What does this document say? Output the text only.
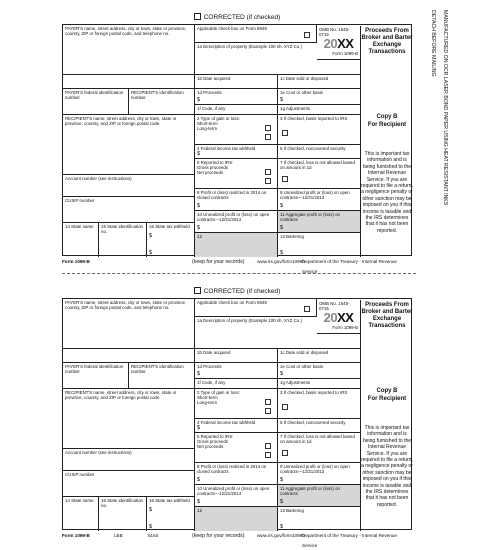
DETACH BEFORE MAILING	MANUFACTURED ON OCR LASER BOND PAPER USING HEAT RESISTANT INKS
CORRECTED (if checked)
PAYER'S name, street address, city or town, state or province, country, ZIP or foreign postal code, and telephone no.
Applicable check box on Form 8949	OMB No. 1545-0715
20XX
Form 1099-B
Proceeds From Broker and Barter Exchange Transactions
1a Description of property (Example 100 sh. XYZ Co.)
1b Date acquired	1c Date sold or disposed
PAYER'S federal identification number
RECIPIENT'S identification number
1d Proceeds
$
1e Cost or other basis
$
1f Code, if any	1g Adjustments
Copy B
For Recipient
RECIPIENT'S name, street address, city or town, state or province, country, and ZIP or foreign postal code
2 Type of gain or loss:
Short-term

Long-term
3 If checked, basis reported to IRS
4 Federal income tax withheld
$
5 If checked, noncovered security
6 Reported to IRS:
Gross proceeds

Net proceeds
7 If checked, loss is not allowed based on amount in 1d
Account number (see instructions)
8 Profit or (loss) realized in 2014 on closed contracts
$
9 Unrealized profit or (loss) on open contracts—12/31/2013
$
CUSIP number
10 Unrealized profit or (loss) on open contracts—12/31/2014
$
11 Aggregate profit or (loss) on contracts
$
14 State name	15 State identification no.
16 State tax withheld
$
$
12	13 Bartering
$
This is important tax information and is being furnished to the Internal Revenue Service. If you are required to file a return, a negligence penalty or other sanction may be imposed on you if this income is taxable and the IRS determines that it has not been reported.
Form 1099-B	(keep for your records)	www.irs.gov/form1099b
Department of the Treasury - Internal Revenue Service
CORRECTED (if checked)
PAYER'S name, street address, city or town, state or province, country, ZIP or foreign postal code, and telephone no.
Applicable check box on Form 8949	OMB No. 1545-0715
20XX
Form 1099-B
Proceeds From Broker and Barter Exchange Transactions
1a Description of property (Example 100 sh. XYZ Co.)
1b Date acquired	1c Date sold or disposed
PAYER'S federal identification number
RECIPIENT'S identification number
1d Proceeds
$
1e Cost or other basis
$
1f Code, if any	1g Adjustments
Copy B
For Recipient
RECIPIENT'S name, street address, city or town, state or province, country, and ZIP or foreign postal code
2 Type of gain or loss:
Short-term

Long-term
3 If checked, basis reported to IRS
4 Federal income tax withheld
$
5 If checked, noncovered security
6 Reported to IRS:
Gross proceeds

Net proceeds
7 If checked, loss is not allowed based on amount in 1d
Account number (see instructions)
8 Profit or (loss) realized in 2014 on closed contracts
$
9 Unrealized profit or (loss) on open contracts—12/31/2013
$
CUSIP number
10 Unrealized profit or (loss) on open contracts—12/31/2014
$
11 Aggregate profit or (loss) on contracts
$
14 State name	15 State identification no.
16 State tax withheld
$
$
12	13 Bartering
$
This is important tax information and is being furnished to the Internal Revenue Service. If you are required to file a return, a negligence penalty or other sanction may be imposed on you if this income is taxable and the IRS determines that it has not been reported.
Form 1099-B	LBB	5154	(keep for your records)	www.irs.gov/form1099b
Department of the Treasury - Internal Revenue Service
